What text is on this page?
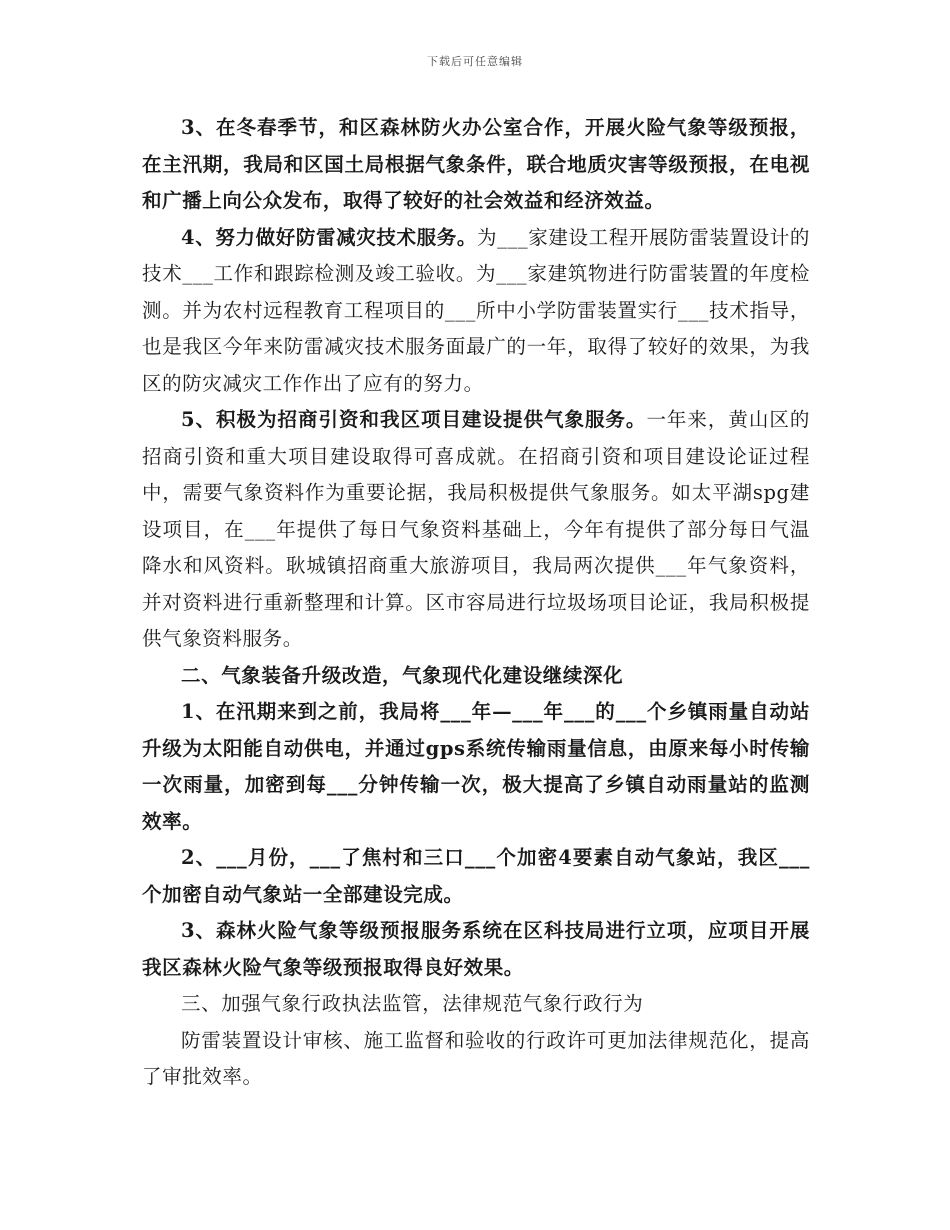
下载后可任意编辑

3、在冬春季节，和区森林防火办公室合作，开展火险气象等级预报，在主汛期，我局和区国土局根据气象条件，联合地质灾害等级预报，在电视和广播上向公众发布，取得了较好的社会效益和经济效益。

4、努力做好防雷减灾技术服务。为___家建设工程开展防雷装置设计的技术___工作和跟踪检测及竣工验收。为___家建筑物进行防雷装置的年度检测。并为农村远程教育工程项目的___所中小学防雷装置实行___技术指导，也是我区今年来防雷减灾技术服务面最广的一年，取得了较好的效果，为我区的防灾减灾工作作出了应有的努力。

5、积极为招商引资和我区项目建设提供气象服务。一年来，黄山区的招商引资和重大项目建设取得可喜成就。在招商引资和项目建设论证过程中，需要气象资料作为重要论据，我局积极提供气象服务。如太平湖spg建设项目，在___年提供了每日气象资料基础上，今年有提供了部分每日气温降水和风资料。耿城镇招商重大旅游项目，我局两次提供___年气象资料，并对资料进行重新整理和计算。区市容局进行垃圾场项目论证，我局积极提供气象资料服务。

二、气象装备升级改造，气象现代化建设继续深化

1、在汛期来到之前，我局将___年—___年___的___个乡镇雨量自动站升级为太阳能自动供电，并通过gps系统传输雨量信息，由原来每小时传输一次雨量，加密到每___分钟传输一次，极大提高了乡镇自动雨量站的监测效率。

2、___月份，___了焦村和三口___个加密4要素自动气象站，我区___个加密自动气象站一全部建设完成。

3、森林火险气象等级预报服务系统在区科技局进行立项，应项目开展我区森林火险气象等级预报取得良好效果。

三、加强气象行政执法监管，法律规范气象行政行为

防雷装置设计审核、施工监督和验收的行政许可更加法律规范化，提高了审批效率。
